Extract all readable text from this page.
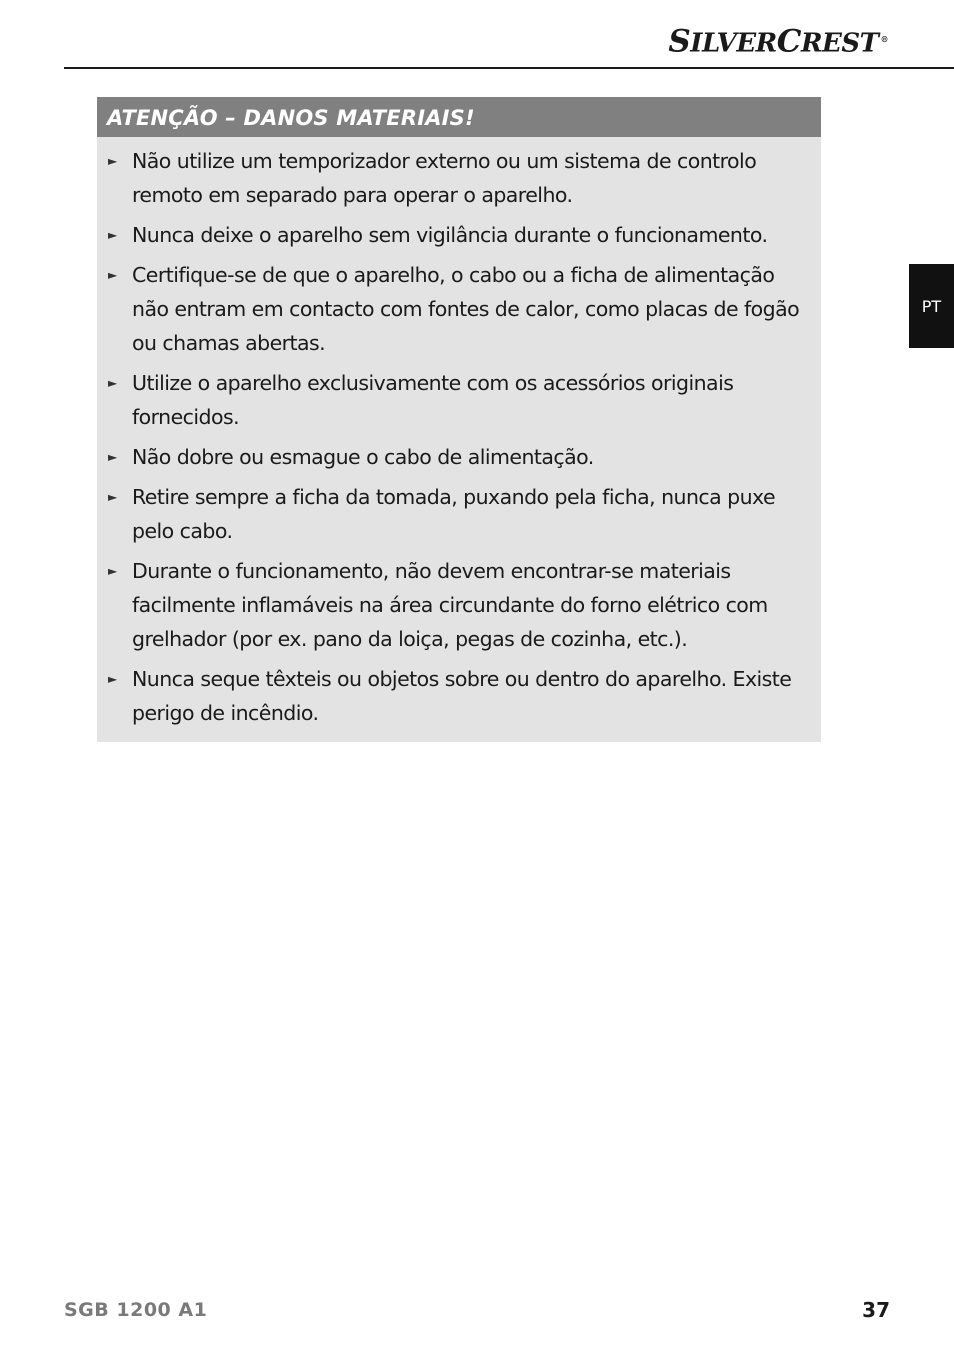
SILVERCREST ®
PT
ATENÇÃO – DANOS MATERIAIS!
► Não utilize um temporizador externo ou um sistema de controlo remoto em separado para operar o aparelho.
► Nunca deixe o aparelho sem vigilância durante o funcionamento.
► Certifique-se de que o aparelho, o cabo ou a ficha de alimentação não entram em contacto com fontes de calor, como placas de fogão ou chamas abertas.
► Utilize o aparelho exclusivamente com os acessórios originais fornecidos.
► Não dobre ou esmague o cabo de alimentação.
► Retire sempre a ficha da tomada, puxando pela ficha, nunca puxe pelo cabo.
► Durante o funcionamento, não devem encontrar-se materiais facilmente inflamáveis na área circundante do forno elétrico com grelhador (por ex. pano da loiça, pegas de cozinha, etc.).
► Nunca seque têxteis ou objetos sobre ou dentro do aparelho. Existe perigo de incêndio.
SGB 1200 A1	37
